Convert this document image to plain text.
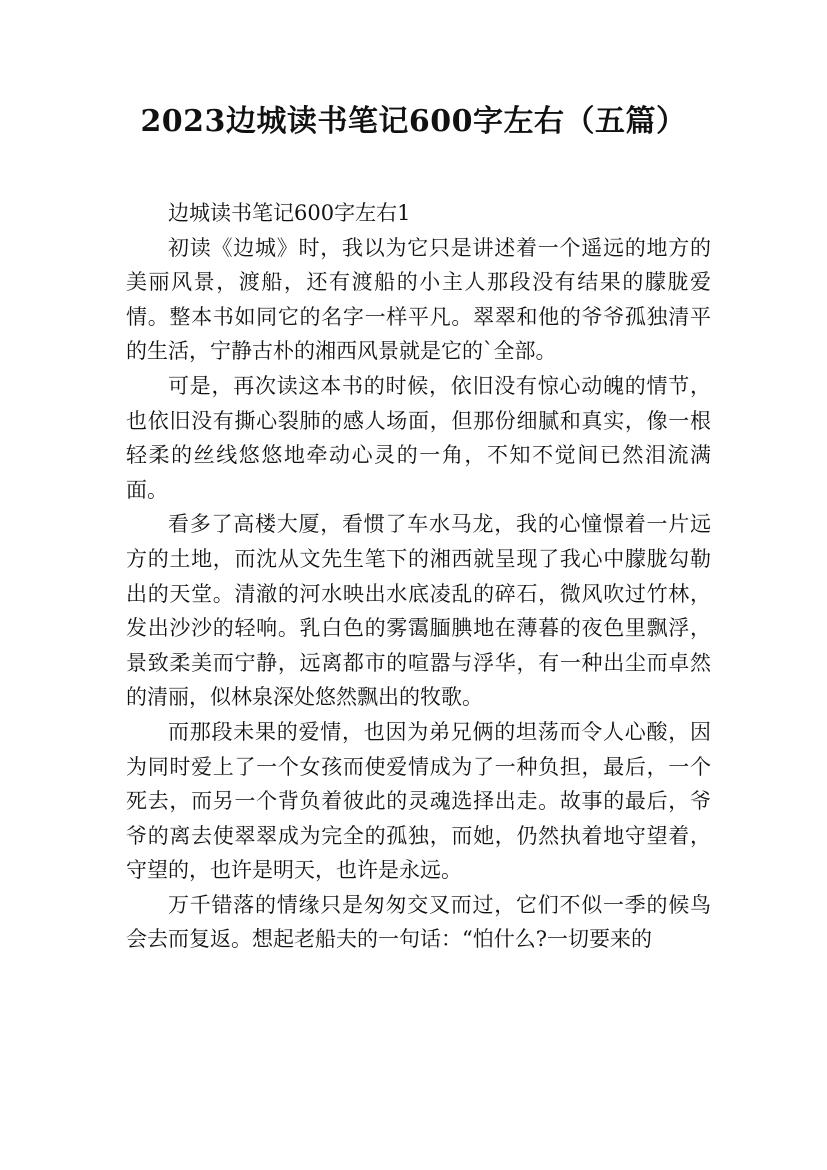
2023边城读书笔记600字左右（五篇）

边城读书笔记600字左右1

初读《边城》时，我以为它只是讲述着一个遥远的地方的美丽风景，渡船，还有渡船的小主人那段没有结果的朦胧爱情。整本书如同它的名字一样平凡。翠翠和他的爷爷孤独清平的生活，宁静古朴的湘西风景就是它的`全部。

可是，再次读这本书的时候，依旧没有惊心动魄的情节，也依旧没有撕心裂肺的感人场面，但那份细腻和真实，像一根轻柔的丝线悠悠地牵动心灵的一角，不知不觉间已然泪流满面。

看多了高楼大厦，看惯了车水马龙，我的心憧憬着一片远方的土地，而沈从文先生笔下的湘西就呈现了我心中朦胧勾勒出的天堂。清澈的河水映出水底凌乱的碎石，微风吹过竹林，发出沙沙的轻响。乳白色的雾霭腼腆地在薄暮的夜色里飘浮，景致柔美而宁静，远离都市的喧嚣与浮华，有一种出尘而卓然的清丽，似林泉深处悠然飘出的牧歌。

而那段未果的爱情，也因为弟兄俩的坦荡而令人心酸，因为同时爱上了一个女孩而使爱情成为了一种负担，最后，一个死去，而另一个背负着彼此的灵魂选择出走。故事的最后，爷爷的离去使翠翠成为完全的孤独，而她，仍然执着地守望着，守望的，也许是明天，也许是永远。

万千错落的情缘只是匆匆交叉而过，它们不似一季的候鸟会去而复返。想起老船夫的一句话：“怕什么?一切要来的
